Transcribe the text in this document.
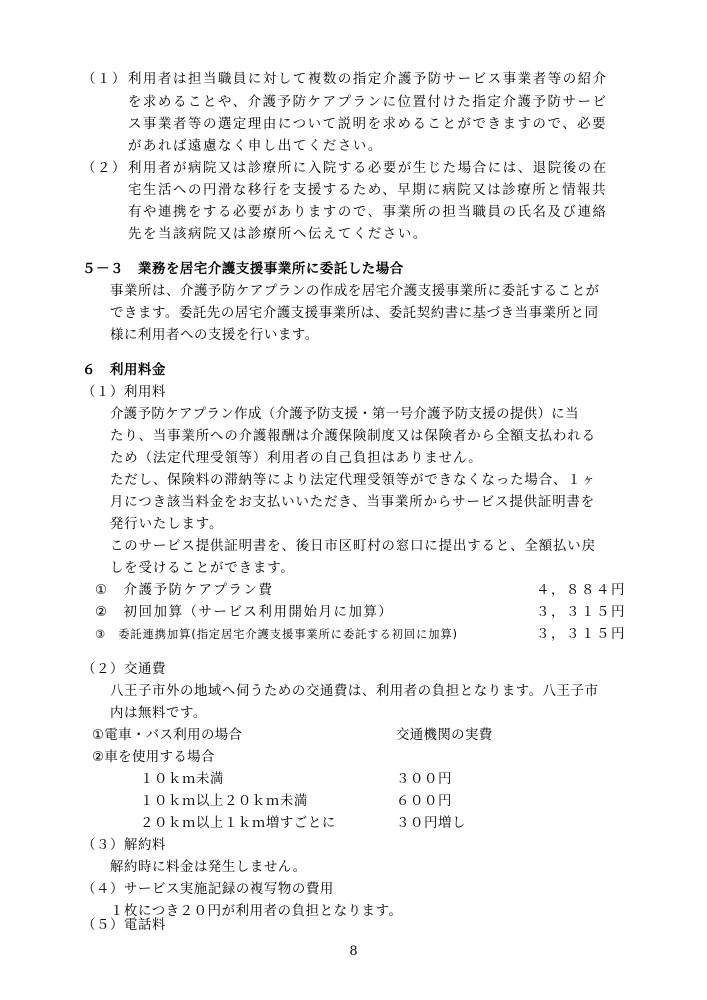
（１） 利用者は担当職員に対して複数の指定介護予防サービス事業者等の紹介
を求めることや、介護予防ケアプランに位置付けた指定介護予防サービ
ス事業者等の選定理由について説明を求めることができますので、必要
があれば遠慮なく申し出てください。
（２） 利用者が病院又は診療所に入院する必要が生じた場合には、退院後の在
宅生活への円滑な移行を支援するため、早期に病院又は診療所と情報共
有や連携をする必要がありますので、事業所の担当職員の氏名及び連絡
先を当該病院又は診療所へ伝えてください。
５－３　業務を居宅介護支援事業所に委託した場合
事業所は、介護予防ケアプランの作成を居宅介護支援事業所に委託することが
できます。委託先の居宅介護支援事業所は、委託契約書に基づき当事業所と同
様に利用者への支援を行います。
６　利用料金
（１）利用料
介護予防ケアプラン作成（介護予防支援・第一号介護予防支援の提供）に当
たり、当事業所への介護報酬は介護保険制度又は保険者から全額支払われる
ため（法定代理受領等）利用者の自己負担はありません。
ただし、保険料の滞納等により法定代理受領等ができなくなった場合、１ヶ
月につき該当料金をお支払いいただき、当事業所からサービス提供証明書を
発行いたします。
このサービス提供証明書を、後日市区町村の窓口に提出すると、全額払い戻
しを受けることができます。
①　介護予防ケアプラン費	４，８８４円
②　初回加算（サービス利用開始月に加算）	３，３１５円
③　委託連携加算(指定居宅介護支援事業所に委託する初回に加算)	３，３１５円
（２）交通費
八王子市外の地域へ伺うための交通費は、利用者の負担となります。八王子市
内は無料です。
①電車・バス利用の場合	交通機関の実費
②車を使用する場合
１０ｋｍ未満	３００円
１０ｋｍ以上２０ｋｍ未満	６００円
２０ｋｍ以上１ｋｍ増すごとに	３０円増し
（３）解約料
解約時に料金は発生しません。
（４）サービス実施記録の複写物の費用
１枚につき２０円が利用者の負担となります。
（５）電話料
8
